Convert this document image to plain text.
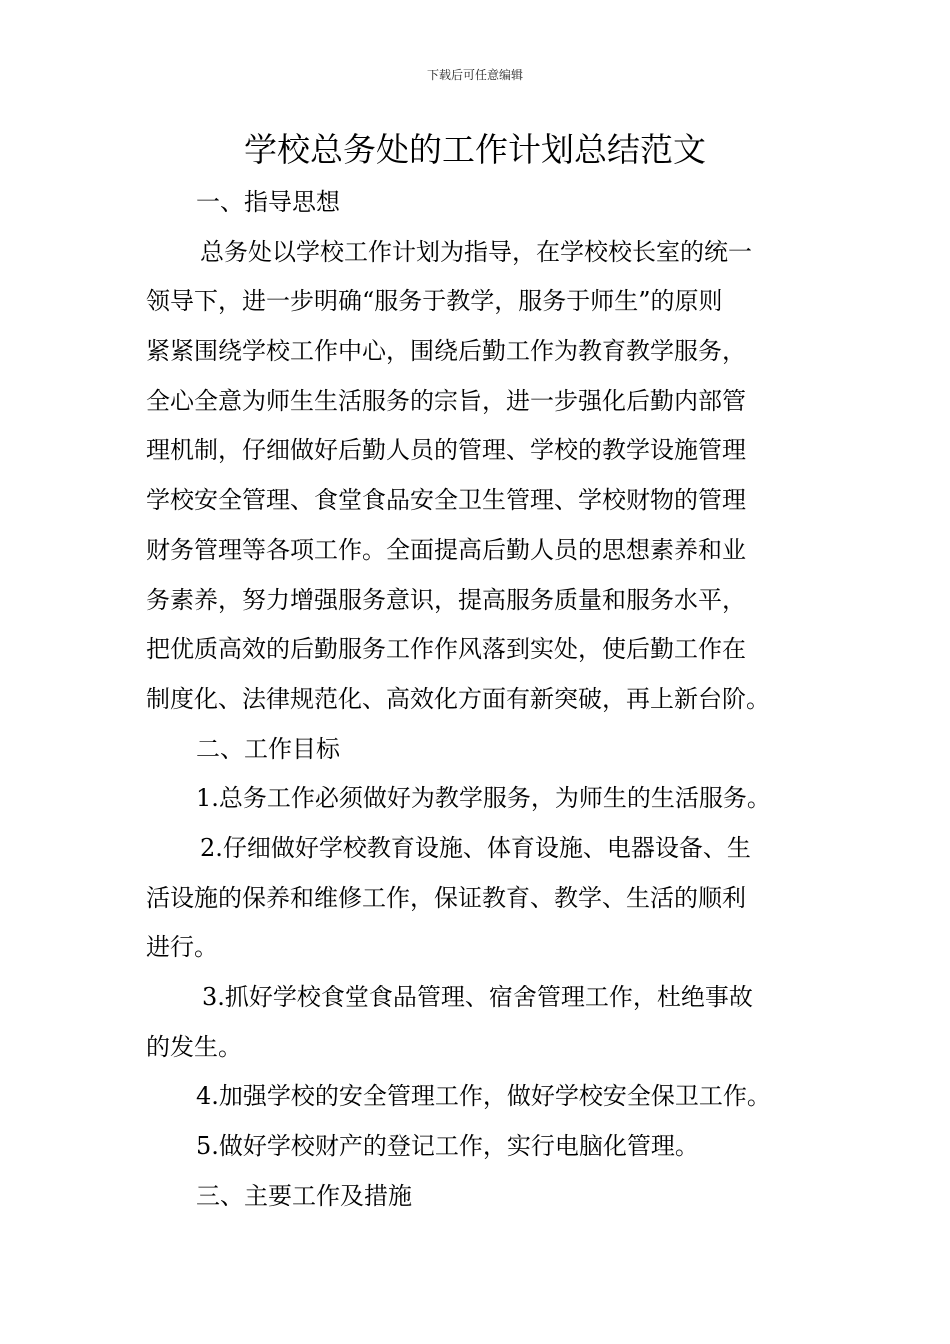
下载后可任意编辑
学校总务处的工作计划总结范文
一、指导思想
总务处以学校工作计划为指导，在学校校长室的统一
领导下，进一步明确“服务于教学，服务于师生”的原则
紧紧围绕学校工作中心，围绕后勤工作为教育教学服务，
全心全意为师生生活服务的宗旨，进一步强化后勤内部管
理机制，仔细做好后勤人员的管理、学校的教学设施管理
学校安全管理、食堂食品安全卫生管理、学校财物的管理
财务管理等各项工作。全面提高后勤人员的思想素养和业
务素养，努力增强服务意识，提高服务质量和服务水平，
把优质高效的后勤服务工作作风落到实处，使后勤工作在
制度化、法律规范化、高效化方面有新突破，再上新台阶。
二、工作目标
1.总务工作必须做好为教学服务，为师生的生活服务。
2.仔细做好学校教育设施、体育设施、电器设备、生
活设施的保养和维修工作，保证教育、教学、生活的顺利
进行。
3.抓好学校食堂食品管理、宿舍管理工作，杜绝事故
的发生。
4.加强学校的安全管理工作，做好学校安全保卫工作。
5.做好学校财产的登记工作，实行电脑化管理。
三、主要工作及措施
